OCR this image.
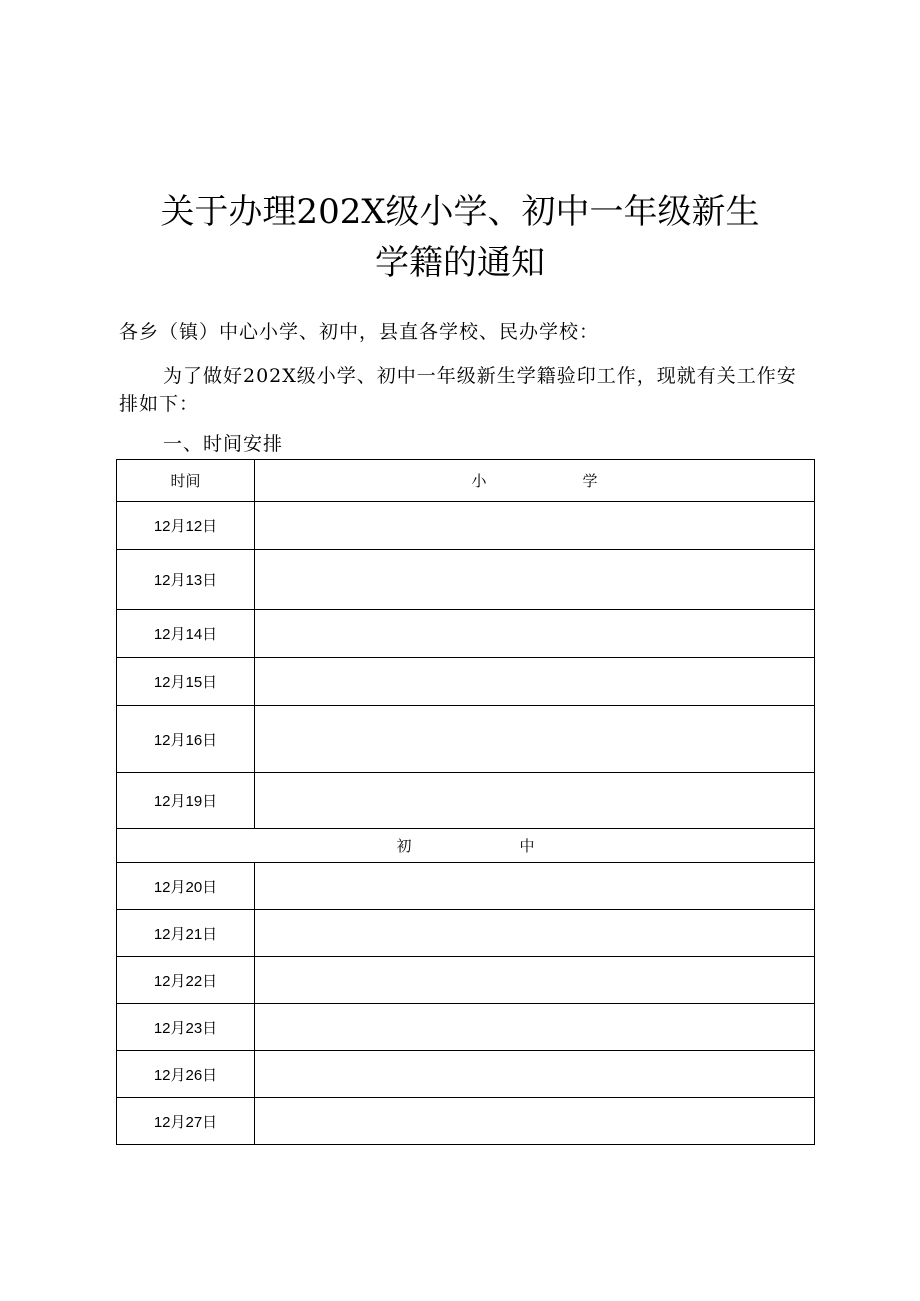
关于办理202X级小学、初中一年级新生
学籍的通知

各乡（镇）中心小学、初中，县直各学校、民办学校：

为了做好202X级小学、初中一年级新生学籍验印工作，现就有关工作安排如下：

一、时间安排

时间	小 学
12月12日	
12月13日	
12月14日	
12月15日	
12月16日	
12月19日	
初 中	
12月20日	
12月21日	
12月22日	
12月23日	
12月26日	
12月27日	
